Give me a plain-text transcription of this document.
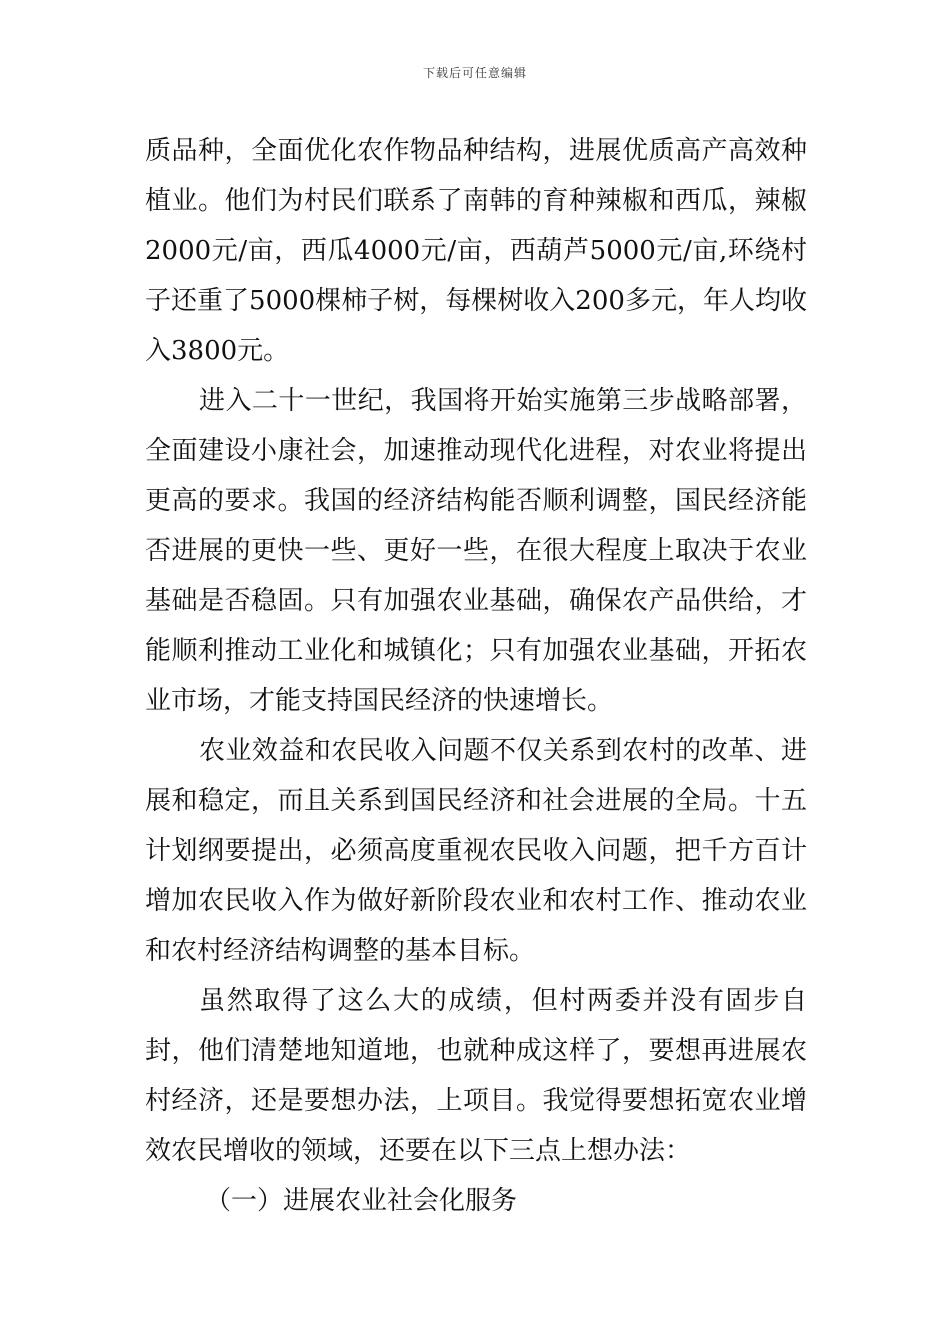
下载后可任意编辑

质品种，全面优化农作物品种结构，进展优质高产高效种植业。他们为村民们联系了南韩的育种辣椒和西瓜，辣椒2000元/亩，西瓜4000元/亩，西葫芦5000元/亩,环绕村子还重了5000棵柿子树，每棵树收入200多元，年人均收入3800元。

进入二十一世纪，我国将开始实施第三步战略部署，全面建设小康社会，加速推动现代化进程，对农业将提出更高的要求。我国的经济结构能否顺利调整，国民经济能否进展的更快一些、更好一些，在很大程度上取决于农业基础是否稳固。只有加强农业基础，确保农产品供给，才能顺利推动工业化和城镇化；只有加强农业基础，开拓农业市场，才能支持国民经济的快速增长。

农业效益和农民收入问题不仅关系到农村的改革、进展和稳定，而且关系到国民经济和社会进展的全局。十五计划纲要提出，必须高度重视农民收入问题，把千方百计增加农民收入作为做好新阶段农业和农村工作、推动农业和农村经济结构调整的基本目标。

虽然取得了这么大的成绩，但村两委并没有固步自封，他们清楚地知道地，也就种成这样了，要想再进展农村经济，还是要想办法，上项目。我觉得要想拓宽农业增效农民增收的领域，还要在以下三点上想办法：

（一）进展农业社会化服务
